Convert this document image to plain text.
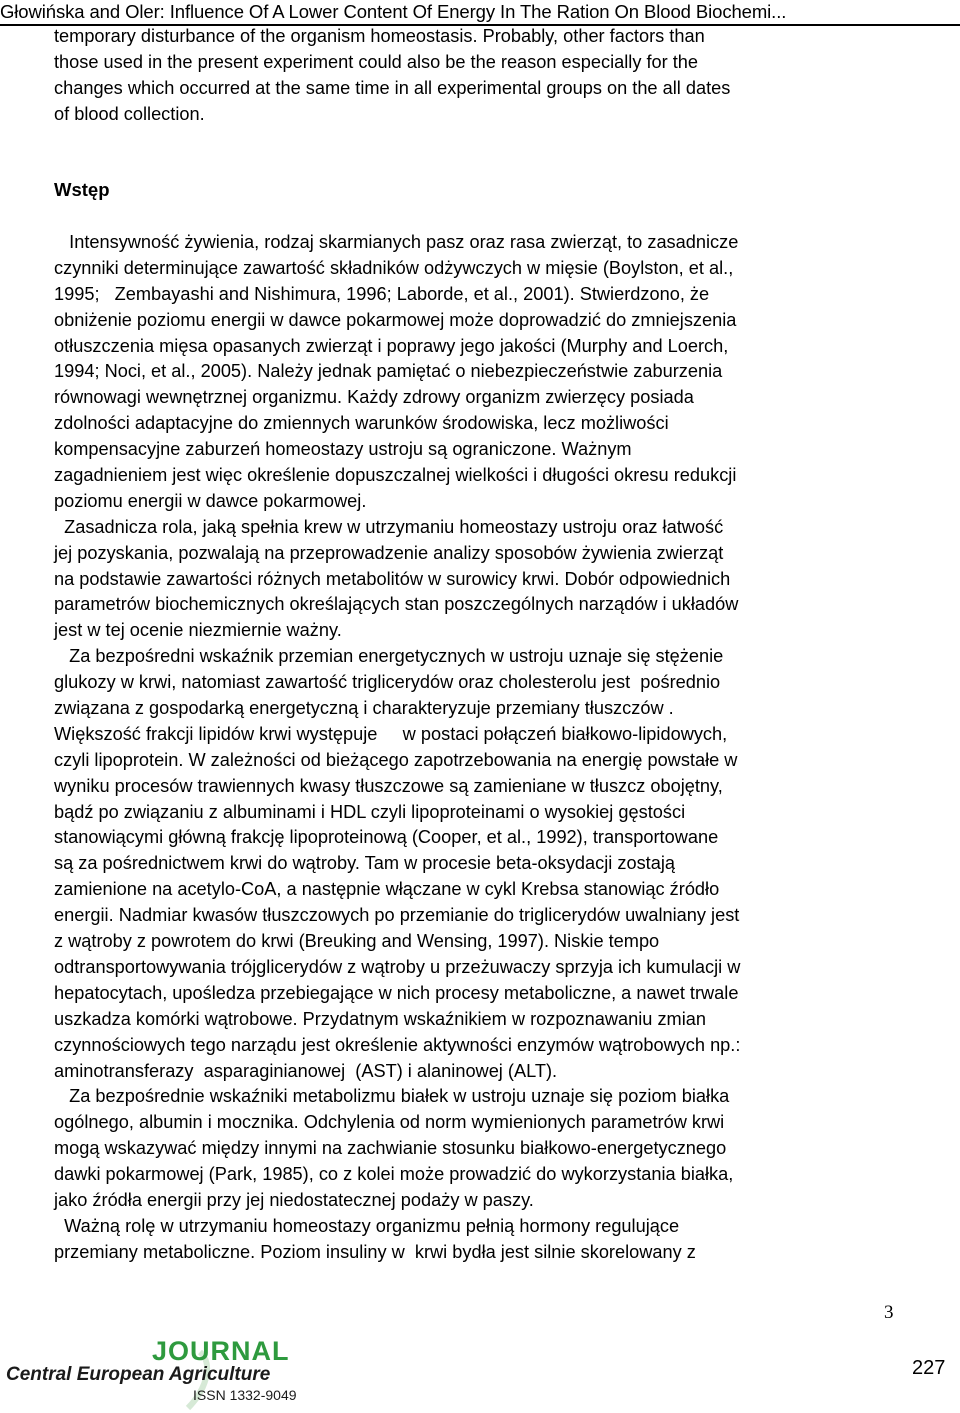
Głowińska and Oler: Influence Of A Lower Content Of Energy In The Ration On Blood Biochemi...
temporary disturbance of the organism homeostasis. Probably, other factors than
those used in the present experiment could also be the reason especially for the
changes which occurred at the same time in all experimental groups on the all dates
of blood collection.
Wstęp
Intensywność żywienia, rodzaj skarmianych pasz oraz rasa zwierząt, to zasadnicze
czynniki determinujące zawartość składników odżywczych w mięsie (Boylston, et al.,
1995;   Zembayashi and Nishimura, 1996; Laborde, et al., 2001). Stwierdzono, że
obniżenie poziomu energii w dawce pokarmowej może doprowadzić do zmniejszenia
otłuszczenia mięsa opasanych zwierząt i poprawy jego jakości (Murphy and Loerch,
1994; Noci, et al., 2005). Należy jednak pamiętać o niebezpieczeństwie zaburzenia
równowagi wewnętrznej organizmu. Każdy zdrowy organizm zwierzęcy posiada
zdolności adaptacyjne do zmiennych warunków środowiska, lecz możliwości
kompensacyjne zaburzeń homeostazy ustroju są ograniczone. Ważnym
zagadnieniem jest więc określenie dopuszczalnej wielkości i długości okresu redukcji
poziomu energii w dawce pokarmowej.
Zasadnicza rola, jaką spełnia krew w utrzymaniu homeostazy ustroju oraz łatwość
jej pozyskania, pozwalają na przeprowadzenie analizy sposobów żywienia zwierząt
na podstawie zawartości różnych metabolitów w surowicy krwi. Dobór odpowiednich
parametrów biochemicznych określających stan poszczególnych narządów i układów
jest w tej ocenie niezmiernie ważny.
Za bezpośredni wskaźnik przemian energetycznych w ustroju uznaje się stężenie
glukozy w krwi, natomiast zawartość triglicerydów oraz cholesterolu jest  pośrednio
związana z gospodarką energetyczną i charakteryzuje przemiany tłuszczów .
Większość frakcji lipidów krwi występuje     w postaci połączeń białkowo-lipidowych,
czyli lipoprotein. W zależności od bieżącego zapotrzebowania na energię powstałe w
wyniku procesów trawiennych kwasy tłuszczowe są zamieniane w tłuszcz obojętny,
bądź po związaniu z albuminami i HDL czyli lipoproteinami o wysokiej gęstości
stanowiącymi główną frakcję lipoproteinową (Cooper, et al., 1992), transportowane
są za pośrednictwem krwi do wątroby. Tam w procesie beta-oksydacji zostają
zamienione na acetylo-CoA, a następnie włączane w cykl Krebsa stanowiąc źródło
energii. Nadmiar kwasów tłuszczowych po przemianie do triglicerydów uwalniany jest
z wątroby z powrotem do krwi (Breuking and Wensing, 1997). Niskie tempo
odtransportowywania trójglicerydów z wątroby u przeżuwaczy sprzyja ich kumulacji w
hepatocytach, upośledza przebiegające w nich procesy metaboliczne, a nawet trwale
uszkadza komórki wątrobowe. Przydatnym wskaźnikiem w rozpoznawaniu zmian
czynnościowych tego narządu jest określenie aktywności enzymów wątrobowych np.:
aminotransferazy  asparaginianowej  (AST) i alaninowej (ALT).
Za bezpośrednie wskaźniki metabolizmu białek w ustroju uznaje się poziom białka
ogólnego, albumin i mocznika. Odchylenia od norm wymienionych parametrów krwi
mogą wskazywać między innymi na zachwianie stosunku białkowo-energetycznego
dawki pokarmowej (Park, 1985), co z kolei może prowadzić do wykorzystania białka,
jako źródła energii przy jej niedostatecznej podaży w paszy.
Ważną rolę w utrzymaniu homeostazy organizmu pełnią hormony regulujące
przemiany metaboliczne. Poziom insuliny w  krwi bydła jest silnie skorelowany z
3
227
JOURNAL
Central European Agriculture
ISSN 1332-9049
